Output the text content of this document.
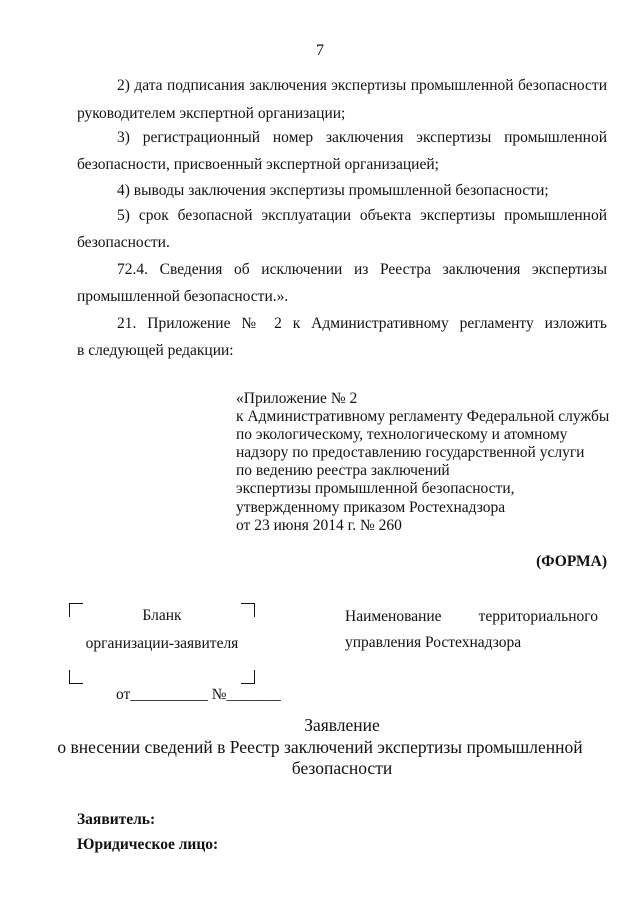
7
2) дата подписания заключения экспертизы промышленной безопасности
руководителем экспертной организации;
3) регистрационный номер заключения экспертизы промышленной
безопасности, присвоенный экспертной организацией;
4) выводы заключения экспертизы промышленной безопасности;
5) срок безопасной эксплуатации объекта экспертизы промышленной
безопасности.
72.4. Сведения об исключении из Реестра заключения экспертизы
промышленной безопасности.».
21. Приложение № 2 к Административному регламенту изложить
в следующей редакции:
«Приложение № 2
к Административному регламенту Федеральной службы
по экологическому, технологическому и атомному
надзору по предоставлению государственной услуги
по ведению реестра заключений
экспертизы промышленной безопасности,
утвержденному приказом Ростехнадзора
от 23 июня 2014 г. № 260
(ФОРМА)
Бланк
организации-заявителя
от__________ №_______
Наименование территориального
управления Ростехнадзора
Заявление
о внесении сведений в Реестр заключений экспертизы промышленной
безопасности
Заявитель:
Юридическое лицо:
